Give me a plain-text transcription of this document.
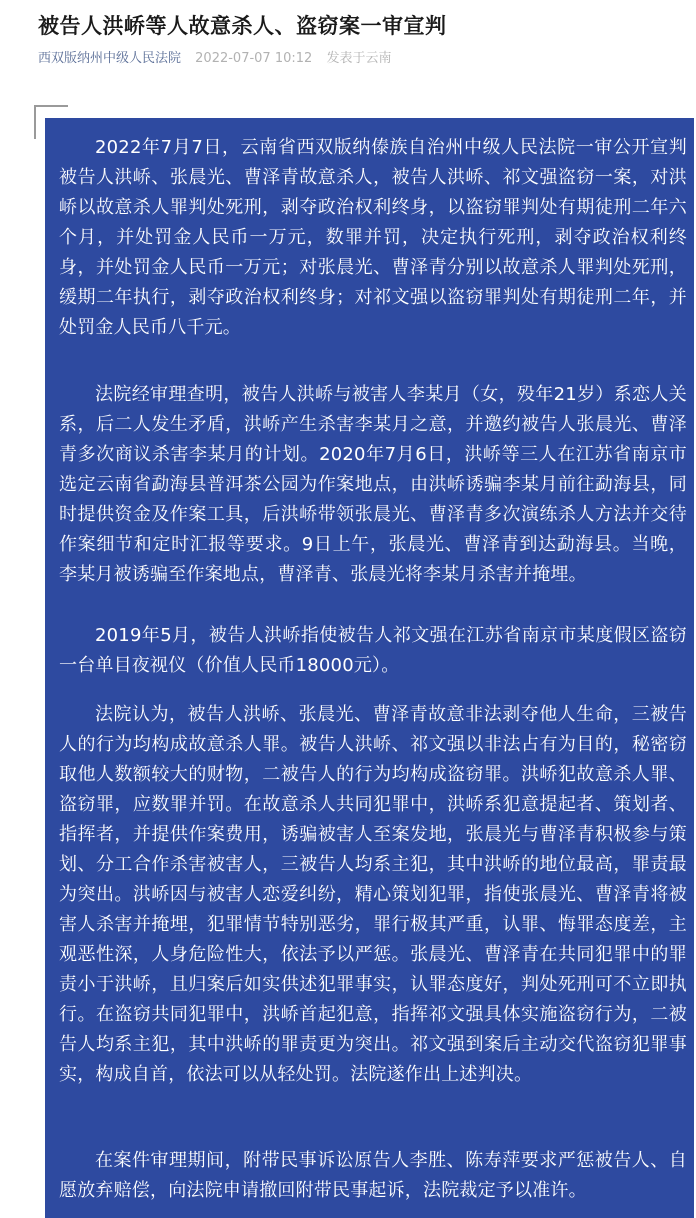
被告人洪峤等人故意杀人、盗窃案一审宣判
西双版纳州中级人民法院 2022-07-07 10:12 发表于云南
2022年7月7日，云南省西双版纳傣族自治州中级人民法院一审公开宣判被告人洪峤、张晨光、曹泽青故意杀人，被告人洪峤、祁文强盗窃一案，对洪峤以故意杀人罪判处死刑，剥夺政治权利终身，以盗窃罪判处有期徒刑二年六个月，并处罚金人民币一万元，数罪并罚，决定执行死刑，剥夺政治权利终身，并处罚金人民币一万元；对张晨光、曹泽青分别以故意杀人罪判处死刑，缓期二年执行，剥夺政治权利终身；对祁文强以盗窃罪判处有期徒刑二年，并处罚金人民币八千元。
法院经审理查明，被告人洪峤与被害人李某月（女，殁年21岁）系恋人关系，后二人发生矛盾，洪峤产生杀害李某月之意，并邀约被告人张晨光、曹泽青多次商议杀害李某月的计划。2020年7月6日，洪峤等三人在江苏省南京市选定云南省勐海县普洱茶公园为作案地点，由洪峤诱骗李某月前往勐海县，同时提供资金及作案工具，后洪峤带领张晨光、曹泽青多次演练杀人方法并交待作案细节和定时汇报等要求。9日上午，张晨光、曹泽青到达勐海县。当晚，李某月被诱骗至作案地点，曹泽青、张晨光将李某月杀害并掩埋。
2019年5月，被告人洪峤指使被告人祁文强在江苏省南京市某度假区盗窃一台单目夜视仪（价值人民币18000元）。
法院认为，被告人洪峤、张晨光、曹泽青故意非法剥夺他人生命，三被告人的行为均构成故意杀人罪。被告人洪峤、祁文强以非法占有为目的，秘密窃取他人数额较大的财物，二被告人的行为均构成盗窃罪。洪峤犯故意杀人罪、盗窃罪，应数罪并罚。在故意杀人共同犯罪中，洪峤系犯意提起者、策划者、指挥者，并提供作案费用，诱骗被害人至案发地，张晨光与曹泽青积极参与策划、分工合作杀害被害人，三被告人均系主犯，其中洪峤的地位最高，罪责最为突出。洪峤因与被害人恋爱纠纷，精心策划犯罪，指使张晨光、曹泽青将被害人杀害并掩埋，犯罪情节特别恶劣，罪行极其严重，认罪、悔罪态度差，主观恶性深，人身危险性大，依法予以严惩。张晨光、曹泽青在共同犯罪中的罪责小于洪峤，且归案后如实供述犯罪事实，认罪态度好，判处死刑可不立即执行。在盗窃共同犯罪中，洪峤首起犯意，指挥祁文强具体实施盗窃行为，二被告人均系主犯，其中洪峤的罪责更为突出。祁文强到案后主动交代盗窃犯罪事实，构成自首，依法可以从轻处罚。法院遂作出上述判决。
在案件审理期间，附带民事诉讼原告人李胜、陈寿萍要求严惩被告人、自愿放弃赔偿，向法院申请撤回附带民事起诉，法院裁定予以准许。
